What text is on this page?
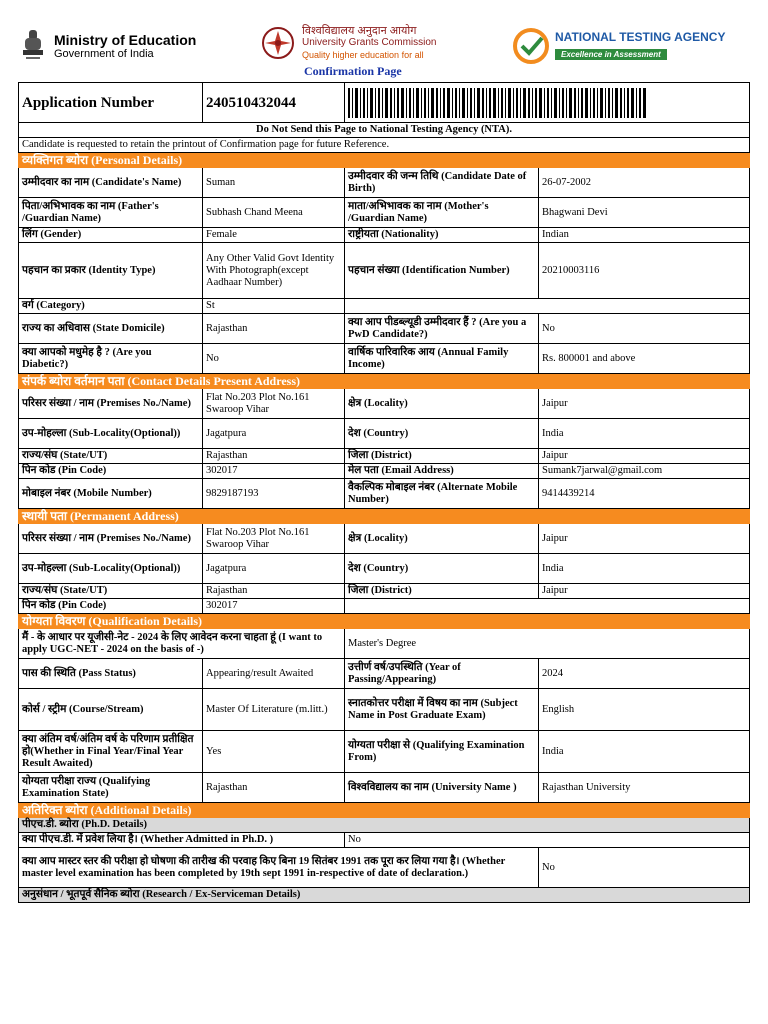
Ministry of Education
Government of India
विश्वविद्यालय अनुदान आयोग
University Grants Commission
Quality higher education for all
Confirmation Page
NATIONAL TESTING AGENCY
Excellence in Assessment
Application Number	240510432044	

Do Not Send this Page to National Testing Agency (NTA).			
Candidate is requested to retain the printout of Confirmation page for future Reference.			
व्यक्तिगत ब्योरा (Personal Details)			
उम्मीदवार का नाम (Candidate's Name)	Suman	उम्मीदवार की जन्म तिथि (Candidate Date of Birth)	26-07-2002
पिता/अभिभावक का नाम (Father's /Guardian Name)	Subhash Chand Meena	माता/अभिभावक का नाम (Mother's /Guardian Name)	Bhagwani Devi
लिंग (Gender)	Female	राष्ट्रीयता (Nationality)	Indian
पहचान का प्रकार (Identity Type)	Any Other Valid Govt Identity With Photograph(except Aadhaar Number)	पहचान संख्या (Identification Number)	20210003116
वर्ग (Category)	St		
राज्य का अधिवास (State Domicile)	Rajasthan	क्या आप पीडब्ल्यूडी उम्मीदवार हैं ? (Are you a PwD Candidate?)	No
क्या आपको मधुमेह है ? (Are you Diabetic?)	No	वार्षिक पारिवारिक आय (Annual Family Income)	Rs. 800001 and above
संपर्क ब्योरा वर्तमान पता (Contact Details Present Address)			
परिसर संख्या / नाम (Premises No./Name)	Flat No.203 Plot No.161 Swaroop Vihar	क्षेत्र (Locality)	Jaipur
उप-मोहल्ला (Sub-Locality(Optional))	Jagatpura	देश (Country)	India
राज्य/संघ (State/UT)	Rajasthan	जिला (District)	Jaipur
पिन कोड (Pin Code)	302017	मेल पता (Email Address)	Sumank7jarwal@gmail.com
मोबाइल नंबर (Mobile Number)	9829187193	वैकल्पिक मोबाइल नंबर (Alternate Mobile Number)	9414439214
स्थायी पता (Permanent Address)			
परिसर संख्या / नाम (Premises No./Name)	Flat No.203 Plot No.161 Swaroop Vihar	क्षेत्र (Locality)	Jaipur
उप-मोहल्ला (Sub-Locality(Optional))	Jagatpura	देश (Country)	India
राज्य/संघ (State/UT)	Rajasthan	जिला (District)	Jaipur
पिन कोड (Pin Code)	302017		
योग्यता विवरण (Qualification Details)			
मैं - के आधार पर यूजीसी-नेट - 2024 के लिए आवेदन करना चाहता हूं (I want to apply UGC-NET - 2024 on the basis of -)		Master's Degree	
पास की स्थिति (Pass Status)	Appearing/result Awaited	उत्तीर्ण वर्ष/उपस्थिति (Year of Passing/Appearing)	2024
कोर्स / स्ट्रीम (Course/Stream)	Master Of Literature (m.litt.)	स्नातकोत्तर परीक्षा में विषय का नाम (Subject Name in Post Graduate Exam)	English
क्या अंतिम वर्ष/अंतिम वर्ष के परिणाम प्रतीक्षित हो(Whether in Final Year/Final Year Result Awaited)	Yes	योग्यता परीक्षा से (Qualifying Examination From)	India
योग्यता परीक्षा राज्य (Qualifying Examination State)	Rajasthan	विश्वविद्यालय का नाम (University Name )	Rajasthan University
अतिरिक्त ब्योरा (Additional Details)			
पीएच.डी. ब्योरा (Ph.D. Details)			
क्या पीएच.डी. में प्रवेश लिया है। (Whether Admitted in Ph.D. )		No	
क्या आप मास्टर स्तर की परीक्षा हो घोषणा की तारीख की परवाह किए बिना 19 सितंबर 1991 तक पूरा कर लिया गया है। (Whether master level examination has been completed by 19th sept 1991 in-respective of date of declaration.)			No
अनुसंधान / भूतपूर्व सैनिक ब्योरा (Research / Ex-Serviceman Details)			
